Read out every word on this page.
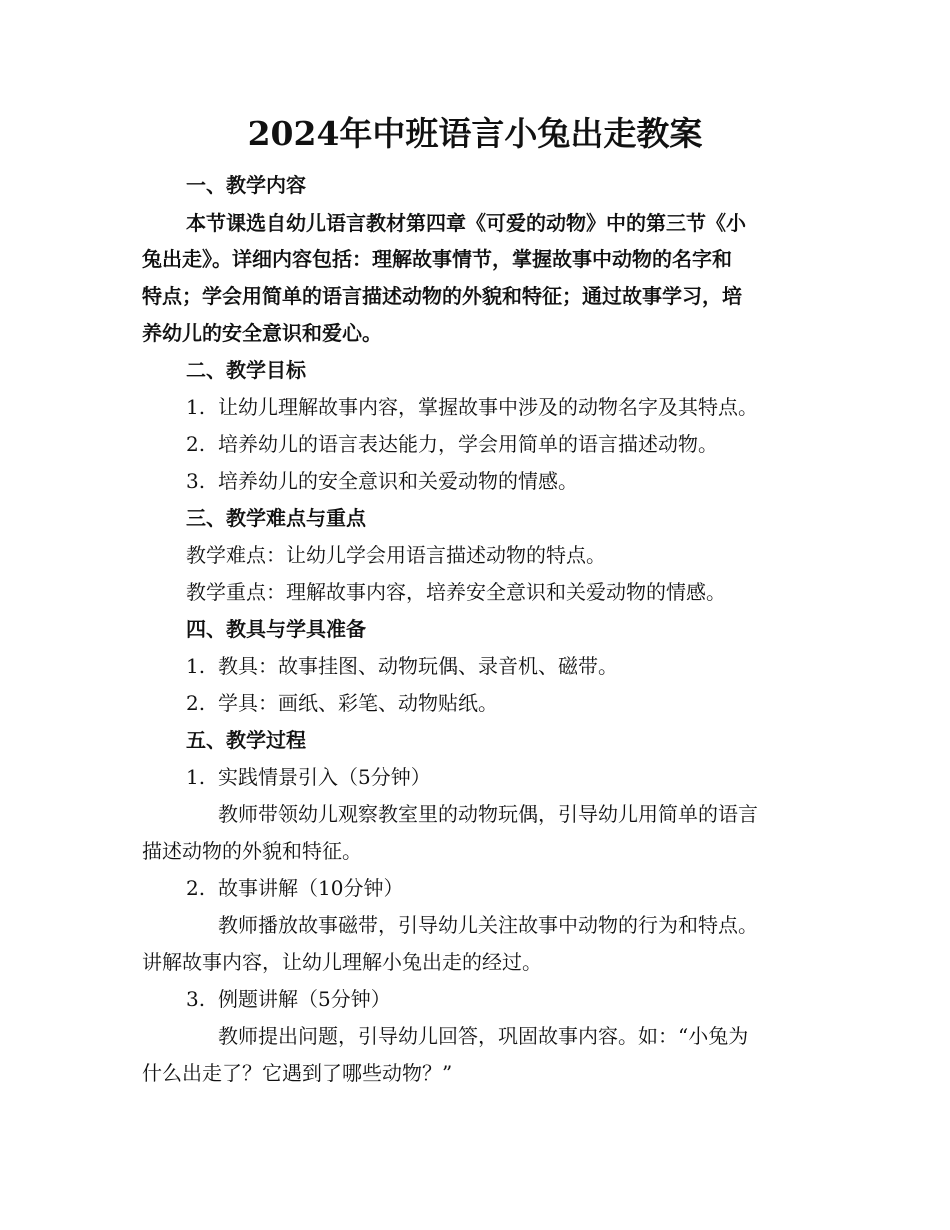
2024年中班语言小兔出走教案
一、教学内容
本节课选自幼儿语言教材第四章《可爱的动物》中的第三节《小
兔出走》。详细内容包括：理解故事情节，掌握故事中动物的名字和
特点；学会用简单的语言描述动物的外貌和特征；通过故事学习，培
养幼儿的安全意识和爱心。
二、教学目标
1. 让幼儿理解故事内容，掌握故事中涉及的动物名字及其特点。
2. 培养幼儿的语言表达能力，学会用简单的语言描述动物。
3. 培养幼儿的安全意识和关爱动物的情感。
三、教学难点与重点
教学难点：让幼儿学会用语言描述动物的特点。
教学重点：理解故事内容，培养安全意识和关爱动物的情感。
四、教具与学具准备
1. 教具：故事挂图、动物玩偶、录音机、磁带。
2. 学具：画纸、彩笔、动物贴纸。
五、教学过程
1. 实践情景引入（5分钟）
教师带领幼儿观察教室里的动物玩偶，引导幼儿用简单的语言
描述动物的外貌和特征。
2. 故事讲解（10分钟）
教师播放故事磁带，引导幼儿关注故事中动物的行为和特点。
讲解故事内容，让幼儿理解小兔出走的经过。
3. 例题讲解（5分钟）
教师提出问题，引导幼儿回答，巩固故事内容。如：“小兔为
什么出走了？它遇到了哪些动物？”
